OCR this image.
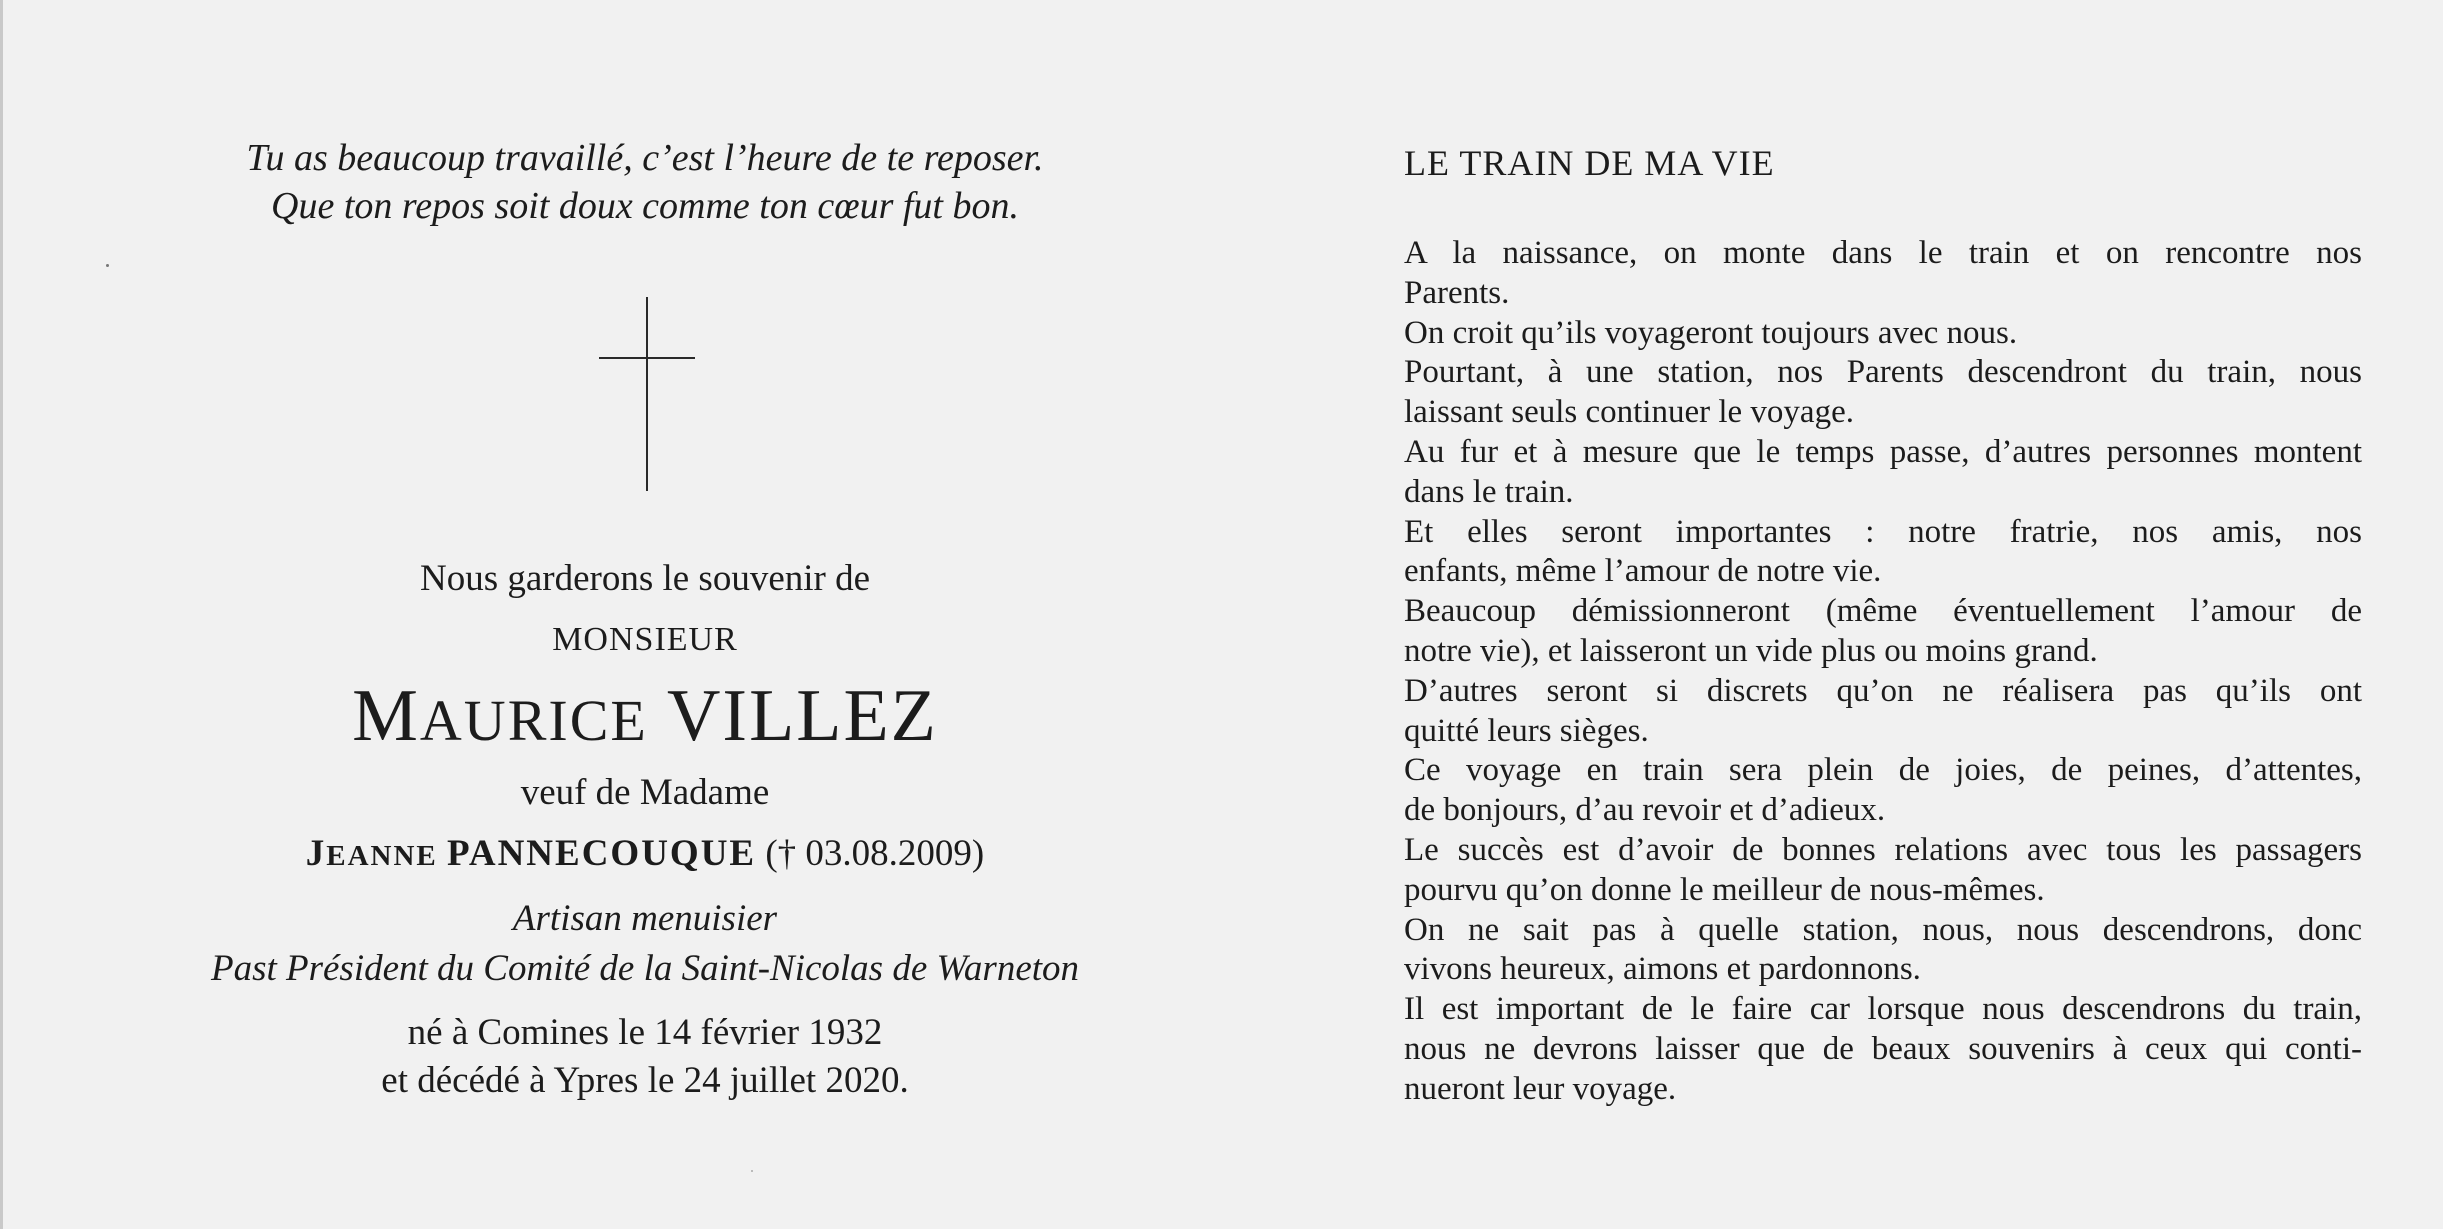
Tu as beaucoup travaillé, c’est l’heure de te reposer.
Que ton repos soit doux comme ton cœur fut bon.
Nous garderons le souvenir de
MONSIEUR
MAURICE VILLEZ
veuf de Madame
JEANNE PANNECOUQUE († 03.08.2009)
Artisan menuisier
Past Président du Comité de la Saint-Nicolas de Warneton
né à Comines le 14 février 1932
et décédé à Ypres le 24 juillet 2020.
LE TRAIN DE MA VIE
A la naissance, on monte dans le train et on rencontre nos
Parents.
On croit qu’ils voyageront toujours avec nous.
Pourtant, à une station, nos Parents descendront du train, nous
laissant seuls continuer le voyage.
Au fur et à mesure que le temps passe, d’autres personnes montent
dans le train.
Et elles seront importantes : notre fratrie, nos amis, nos
enfants, même l’amour de notre vie.
Beaucoup démissionneront (même éventuellement l’amour de
notre vie), et laisseront un vide plus ou moins grand.
D’autres seront si discrets qu’on ne réalisera pas qu’ils ont
quitté leurs sièges.
Ce voyage en train sera plein de joies, de peines, d’attentes,
de bonjours, d’au revoir et d’adieux.
Le succès est d’avoir de bonnes relations avec tous les passagers
pourvu qu’on donne le meilleur de nous-mêmes.
On ne sait pas à quelle station, nous, nous descendrons, donc
vivons heureux, aimons et pardonnons.
Il est important de le faire car lorsque nous descendrons du train,
nous ne devrons laisser que de beaux souvenirs à ceux qui conti-
nueront leur voyage.
